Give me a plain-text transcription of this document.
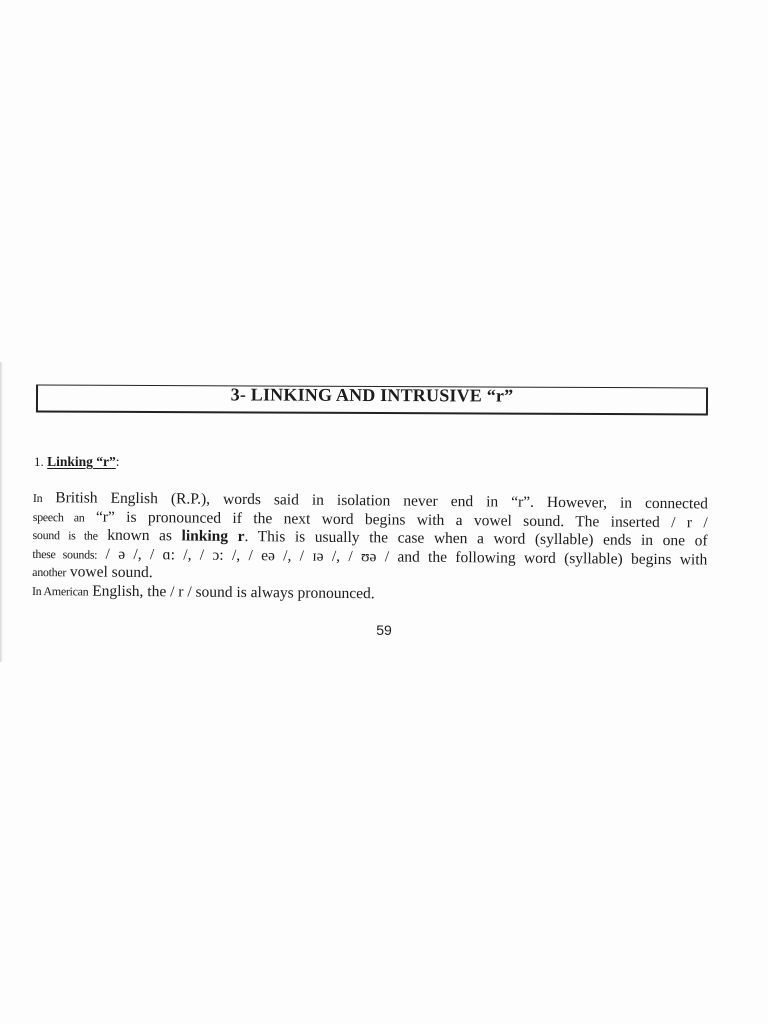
3- LINKING AND INTRUSIVE “r”
1. Linking “r”:

In British English (R.P.), words said in isolation never end in “r”. However, in connected
speech an “r” is pronounced if the next word begins with a vowel sound. The inserted / r /
sound is the known as linking r. This is usually the case when a word (syllable) ends in one of
these sounds: / ə /, / ɑ: /, / ɔ: /, / eə /, / ɪə /, / ʊə / and the following word (syllable) begins with
another vowel sound.

In American English, the / r / sound is always pronounced.

59
